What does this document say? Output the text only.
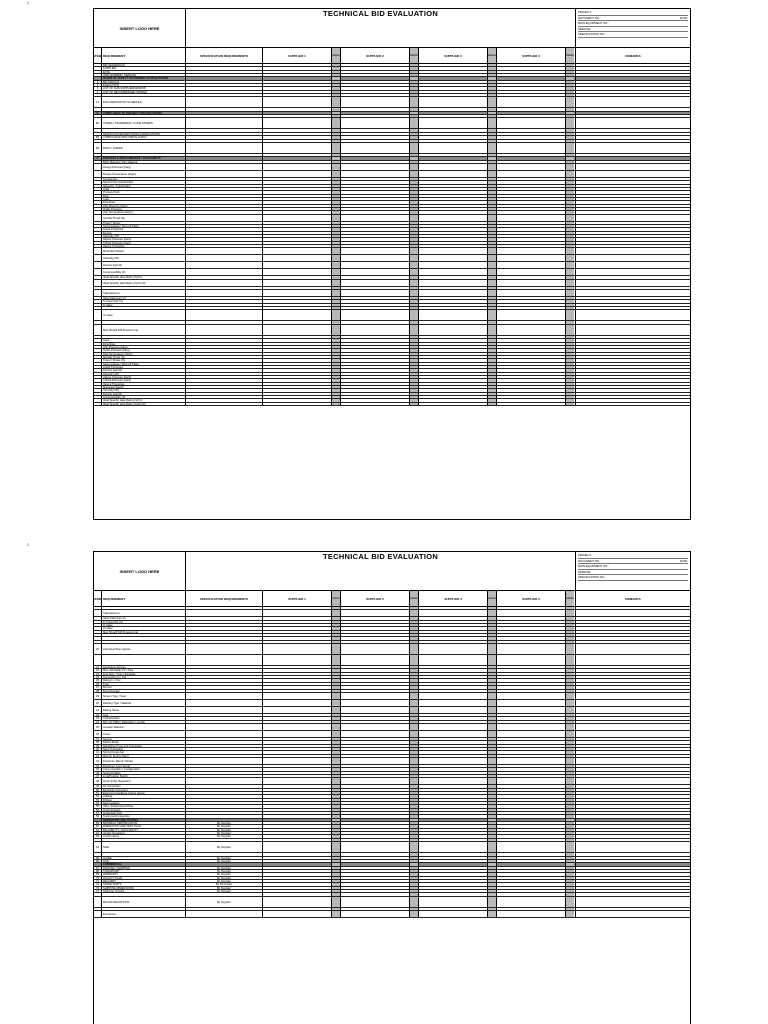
2
2
INSERT LOGO HERE
TECHNICAL BID EVALUATION	PROJECT:
DOCUMENT NO.:	DATE:
MAIN EQUIPMENT NO.:
SERVICE:
SPECIFICATION NO.:
ITEM REQUIREMENT	SPECIFICATION REQUIREMENTS	SUPPLIER 1	STATUS	SUPPLIER 2	STATUS	SUPPLIER 3	STATUS	SUPPLIER 3	STATUS	REMARKS
BID REFERENCE
SUPPLIER
DATE
ITEM NUMBER / SERVICE
SCOPE OF SUPPLY ACCORDING TO REQUISITION
1	BID MANUAL
2	EXECUTION
3	LIST OF SUB-SUPPLIER/VENDOR
4	LIST OF RECOMMENDED SPARES
13	DOCUMENTATION SCHEDULE
B	COMPLIANCE TO PROJECT SPECIFICATIONS
B1	CODES / STANDARDS / CODE STAMPS
DEVIATIONS/EXCEPTIONS/CLARIFICATIONS
B3	COMPLIANCE WITH METALLURGY
B4	PAINT / LINERS
C	PROCESS & PERFORMANCE / DATASHEETS
Body Material / Trim Material
Design Pressure (barg)
Design Temperature (degC)
Tag Number
Service/Line (Inlet/Outlet)
Valve/Act. (Inlet/Outlet)
Units
Process Fluid
Flow
Case
Flow Rate
Inlet Pressure (barg)
Outlet Pressure
Inlet Temperature (degC)
Spindle Thrust (N)
Travel / Stroke
Seat Leakage / Shut-off Class
Liquid Properties
Density
Viscosity (cP)
Vapour Pressure (barA)
Critical Pressure (barA)
Vapour Properties
Molecular Weight
Viscosity (cP)
Density (kg/m3)
Compressibility (Z)
Ideal Specific Heat Ratio (Cp/Cv)
Ideal Specific Heat Ratio (Cp/Cp-R)
Calculated Cv
Valve Maximum Cv
% Travel (for Cv)
Fl Value
Xt value
Max Shutoff Diff Pressure bar
Case
Flow Rate
Inlet Pressure (barg)
Outlet Pressure (barg)
Inlet Temperature (degC)
Spindle Thrust (N)
Travel / Stroke (%)
Seat Leakage / Shut-off Class
Liquid Properties
Density (kg/m3)
Viscosity (cP)
Vapour Pressure (barA)
Critical Pressure (barA)
Vapour Properties
Molecular Weight
Viscosity (cP)
Density (kg/m3)
Compressibility (Z)
Ideal Specific Heat Ratio (Cp/Cv)
Ideal Specific Heat Ratio (Cp/Cp-R)
INSERT LOGO HERE
TECHNICAL BID EVALUATION	PROJECT:
DOCUMENT NO.:	DATE:
MAIN EQUIPMENT NO.:
SERVICE:
SPECIFICATION NO.:
ITEM REQUIREMENT	SPECIFICATION REQUIREMENTS	SUPPLIER 1	STATUS	SUPPLIER 2	STATUS	SUPPLIER 3	STATUS	SUPPLIER 3	STATUS	REMARKS
Calculated Cv
Valve Maximum Cv
% Travel (for Cv)
Fl Value
Xt value
Max Shutoff Diff Pressure bar
20	Corrosive/Toxic Agents
21	Hazardous Service
22	Max. Allowable CV / Area
23	Line Size / Type / Schedule
24	Connection In / Out
25	Rating In / Out
26	Type
27	Bonnet
28	Flow Direction
29	Screen Type / Seal
30	Packing Type / Material
31	Bolting Studs
32	Size
33	Characteristic
34	NO. OF TRIM / Relocation / Length
35	Actuator Material
36	Cover
37	Service
38	Failure Mode
39	Handwheel Type and Orientation
40	Stem Orientation
41	Spring Range bar
42	Max Air Supply (barg)
43	Positioner Manuf / Model
44	Positioner Input Signal
45	Communication / Configuration
46	Solenoid Valve
47	Limit/Position Switch
48	Airset (Filter Regulator)
49	Air Connection
50	Electrical Connection
51	Electronic Feedback Output Signal
52	Cabling
53	Fittings
54	Seat Leakage
55	Valve Test(s)/Open/Close
56	Quick Exhaust
57	Hydrostatic Test
58	Testing and Inspection
INSPECTION AND TESTING
59	MATERIAL CERTIFICATION	By Supplier
60	INSPECTION AND TEST PLAN	By Supplier
61	RELIABILITY / AVAILABILITY	By Supplier
62	Vendor Deviations	By Supplier
63	Conformance	By Supplier
64	NDE	By Supplier
65	GUIDE	By Supplier
66	LIVE	By Supplier
COMMERCIAL
67	PACKING / SHIPPING	By Supplier
68	TRANSPORT	By Supplier
69	WARRANTY	By Supplier
70	QUALITY PLAN	By Supplier
71	DELIVERY	By Supplier
72	SPARE PARTS	By Purchaser
73	SHIPPING DIMENSIONS	By Supplier
74	SPECIAL TOOLS	By Supplier
MAJOR DEVIATIONS	By Supplier
Exceptions
